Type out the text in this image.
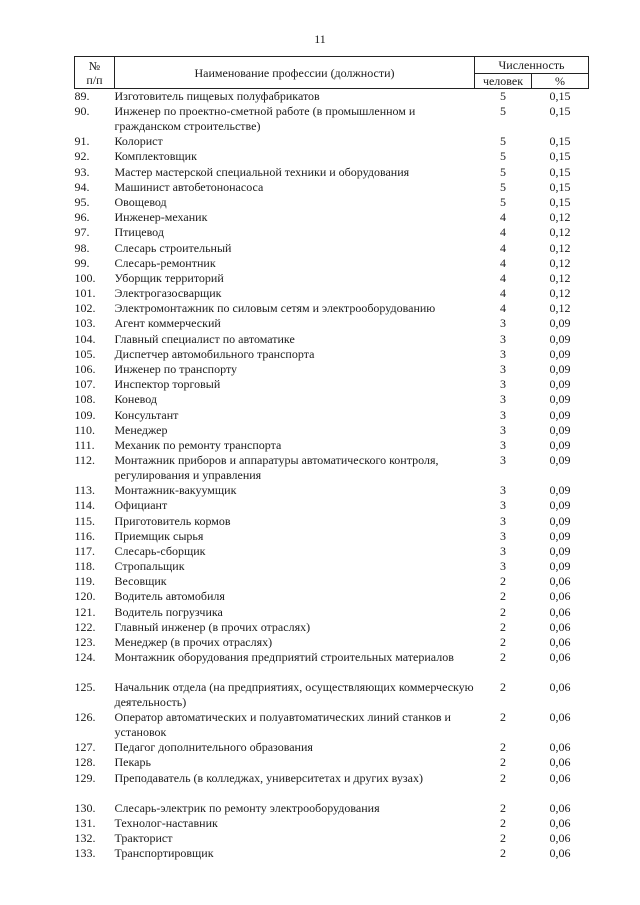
11
№
п/п	Наименование профессии (должности)	Численность	
		человек	%
89.	Изготовитель пищевых полуфабрикатов	5	0,15
90.	Инженер по проектно-сметной работе (в промышленном и гражданском строительстве)	5	0,15
91.	Колорист	5	0,15
92.	Комплектовщик	5	0,15
93.	Мастер мастерской специальной техники и оборудования	5	0,15
94.	Машинист автобетононасоса	5	0,15
95.	Овощевод	5	0,15
96.	Инженер-механик	4	0,12
97.	Птицевод	4	0,12
98.	Слесарь строительный	4	0,12
99.	Слесарь-ремонтник	4	0,12
100.	Уборщик территорий	4	0,12
101.	Электрогазосварщик	4	0,12
102.	Электромонтажник по силовым сетям и электрооборудованию	4	0,12
103.	Агент коммерческий	3	0,09
104.	Главный специалист по автоматике	3	0,09
105.	Диспетчер автомобильного транспорта	3	0,09
106.	Инженер по транспорту	3	0,09
107.	Инспектор торговый	3	0,09
108.	Коневод	3	0,09
109.	Консультант	3	0,09
110.	Менеджер	3	0,09
111.	Механик по ремонту транспорта	3	0,09
112.	Монтажник приборов и аппаратуры автоматического контроля, регулирования и управления	3	0,09
113.	Монтажник-вакуумщик	3	0,09
114.	Официант	3	0,09
115.	Приготовитель кормов	3	0,09
116.	Приемщик сырья	3	0,09
117.	Слесарь-сборщик	3	0,09
118.	Стропальщик	3	0,09
119.	Весовщик	2	0,06
120.	Водитель автомобиля	2	0,06
121.	Водитель погрузчика	2	0,06
122.	Главный инженер (в прочих отраслях)	2	0,06
123.	Менеджер (в прочих отраслях)	2	0,06
124.	Монтажник оборудования предприятий строительных материалов	2	0,06
125.	Начальник отдела (на предприятиях, осуществляющих коммерческую деятельность)	2	0,06
126.	Оператор автоматических и полуавтоматических линий станков и установок	2	0,06
127.	Педагог дополнительного образования	2	0,06
128.	Пекарь	2	0,06
129.	Преподаватель (в колледжах, университетах и других вузах)	2	0,06
130.	Слесарь-электрик по ремонту электрооборудования	2	0,06
131.	Технолог-наставник	2	0,06
132.	Тракторист	2	0,06
133.	Транспортировщик	2	0,06
